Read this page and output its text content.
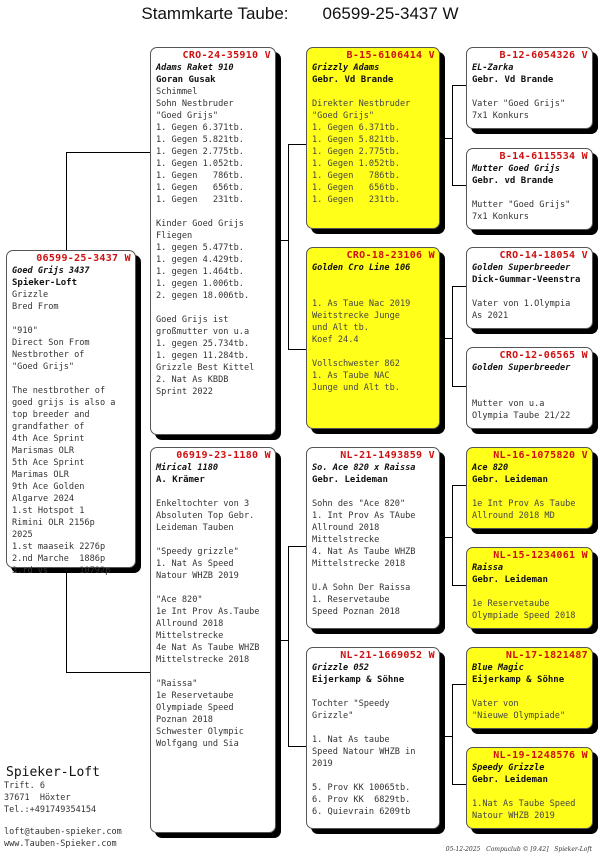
Stammkarte Taube: 06599-25-3437 W
06599-25-3437 W
Goed Grijs 3437
Spieker-Loft
Grizzle
Bred From
"910"
Direct Son From
Nestbrother of
"Goed Grijs"
The nestbrother of
goed grijs is also a
top breeder and
grandfather of
4th Ace Sprint
Marismas OLR
5th Ace Sprint
Marimas OLR
9th Ace Golden
Algarve 2024
1.st Hotspot 1
Rimini OLR 2156p
2025
1.st maaseik 2276p
2.nd Marche  1886p
3.rd vs      10792p
CRO-24-35910 V
Adams Raket 910
Goran Gusak
Schimmel
Sohn Nestbruder
"Goed Grijs"
1. Gegen 6.371tb.
1. Gegen 5.821tb.
1. Gegen 2.775tb.
1. Gegen 1.052tb.
1. Gegen   786tb.
1. Gegen   656tb.
1. Gegen   231tb.
Kinder Goed Grijs
Fliegen
1. gegen 5.477tb.
1. gegen 4.429tb.
1. gegen 1.464tb.
1. gegen 1.006tb.
2. gegen 18.006tb.
Goed Grijs ist
großmutter von u.a
1. gegen 25.734tb.
1. gegen 11.284tb.
Grizzle Best Kittel
2. Nat As KBDB
Sprint 2022
06919-23-1180 W
Mirical 1180
A. Krämer
Enkeltochter von 3
Absoluten Top Gebr.
Leideman Tauben
"Speedy grizzle"
1. Nat As Speed
Natour WHZB 2019
"Ace 820"
1e Int Prov As.Taube
Allround 2018
Mittelstrecke
4e Nat As Taube WHZB
Mittelstrecke 2018
"Raissa"
1e Reservetaube
Olympiade Speed
Poznan 2018
Schwester Olympic
Wolfgang und Sia
B-15-6106414 V
Grizzly Adams
Gebr. Vd Brande
Direkter Nestbruder
"Goed Grijs"
1. Gegen 6.371tb.
1. Gegen 5.821tb.
1. Gegen 2.775tb.
1. Gegen 1.052tb.
1. Gegen   786tb.
1. Gegen   656tb.
1. Gegen   231tb.
CRO-18-23106 W
Golden Cro Line 106
1. As Taue Nac 2019
Weitstrecke Junge
und Alt tb.
Koef 24.4
Vollschwester 862
1. As Taube NAC
Junge und Alt tb.
NL-21-1493859 V
So. Ace 820 x Raissa
Gebr. Leideman
Sohn des "Ace 820"
1. Int Prov As TAube
Allround 2018
Mittelstrecke
4. Nat As Taube WHZB
Mittelstrecke 2018
U.A Sohn Der Raissa
1. Reservetaube
Speed Poznan 2018
NL-21-1669052 W
Grizzle 052
Eijerkamp & Söhne
Tochter "Speedy
Grizzle"
1. Nat As taube
Speed Natour WHZB in
2019
5. Prov KK 10065tb.
6. Prov KK  6829tb.
6. Quievrain 6209tb
B-12-6054326 V
EL-Zarka
Gebr. Vd Brande
Vater "Goed Grijs"
7x1 Konkurs
B-14-6115534 W
Mutter Goed Grijs
Gebr. vd Brande
Mutter "Goed Grijs"
7x1 Konkurs
CRO-14-18054 V
Golden Superbreeder
Dick-Gummar-Veenstra
Vater von 1.Olympia
As 2021
CRO-12-06565 W
Golden Superbreeder
Mutter von u.a
Olympia Taube 21/22
NL-16-1075820 V
Ace 820
Gebr. Leideman
1e Int Prov As Taube
Allround 2018 MD
NL-15-1234061 W
Raissa
Gebr. Leideman
1e Reservetaube
Olympiade Speed 2018
NL-17-1821487
Blue Magic
Eijerkamp & Söhne
Vater von
"Nieuwe Olympiade"
NL-19-1248576 W
Speedy Grizzle
Gebr. Leideman
1.Nat As Taube Speed
Natour WHZB 2019
Spieker-Loft
Trift. 6
37671  Höxter
Tel.:+491749354154
loft@tauben-spieker.com
www.Tauben-Spieker.com
05-12-2025   Compuclub © [9.42]   Spieker-Loft
